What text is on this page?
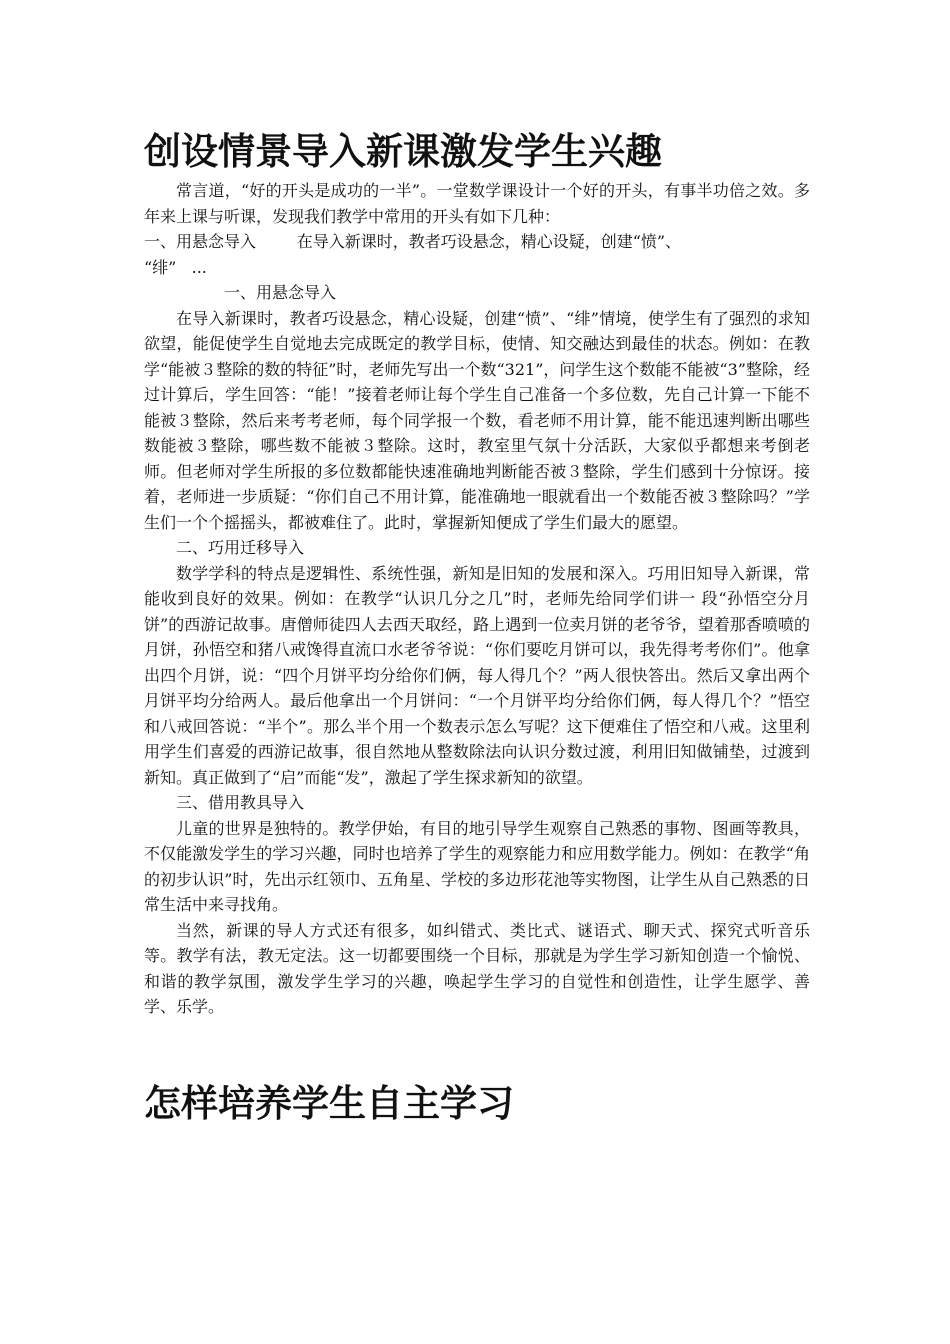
创设情景导入新课激发学生兴趣

常言道，“好的开头是成功的一半”。一堂数学课设计一个好的开头，有事半功倍之效。多年来上课与听课，发现我们教学中常用的开头有如下几种：

一、用悬念导入        在导入新课时，教者巧设悬念，精心设疑，创建“愤”、

“绯”   ...

一、用悬念导入

在导入新课时，教者巧设悬念，精心设疑，创建“愤”、“绯”情境，使学生有了强烈的求知欲望，能促使学生自觉地去完成既定的教学目标，使情、知交融达到最佳的状态。例如：在教学“能被３整除的数的特征”时，老师先写出一个数“321”，问学生这个数能不能被“3”整除，经过计算后，学生回答：“能！”接着老师让每个学生自己准备一个多位数，先自己计算一下能不能被３整除，然后来考考老师，每个同学报一个数，看老师不用计算，能不能迅速判断出哪些数能被３整除，哪些数不能被３整除。这时，教室里气氛十分活跃，大家似乎都想来考倒老师。但老师对学生所报的多位数都能快速准确地判断能否被３整除，学生们感到十分惊讶。接着，老师进一步质疑：“你们自己不用计算，能准确地一眼就看出一个数能否被３整除吗？”学生们一个个摇摇头，都被难住了。此时，掌握新知便成了学生们最大的愿望。

二、巧用迁移导入

数学学科的特点是逻辑性、系统性强，新知是旧知的发展和深入。巧用旧知导入新课，常能收到良好的效果。例如：在教学“认识几分之几”时，老师先给同学们讲一 段“孙悟空分月饼”的西游记故事。唐僧师徒四人去西天取经，路上遇到一位卖月饼的老爷爷，望着那香喷喷的月饼，孙悟空和猪八戒馋得直流口水老爷爷说：“你们要吃月饼可以，我先得考考你们”。他拿出四个月饼，说：“四个月饼平均分给你们俩，每人得几个？”两人很快答出。然后又拿出两个月饼平均分给两人。最后他拿出一个月饼问：“一个月饼平均分给你们俩，每人得几个？”悟空和八戒回答说：“半个”。那么半个用一个数表示怎么写呢？这下便难住了悟空和八戒。这里利用学生们喜爱的西游记故事，很自然地从整数除法向认识分数过渡，利用旧知做铺垫，过渡到新知。真正做到了“启”而能“发”，激起了学生探求新知的欲望。

三、借用教具导入

儿童的世界是独特的。教学伊始，有目的地引导学生观察自己熟悉的事物、图画等教具，不仅能激发学生的学习兴趣，同时也培养了学生的观察能力和应用数学能力。例如：在教学“角的初步认识”时，先出示红领巾、五角星、学校的多边形花池等实物图，让学生从自己熟悉的日常生活中来寻找角。

当然，新课的导人方式还有很多，如纠错式、类比式、谜语式、聊天式、探究式听音乐等。教学有法，教无定法。这一切都要围绕一个目标，那就是为学生学习新知创造一个愉悦、和谐的教学氛围，激发学生学习的兴趣，唤起学生学习的自觉性和创造性，让学生愿学、善学、乐学。

怎样培养学生自主学习
